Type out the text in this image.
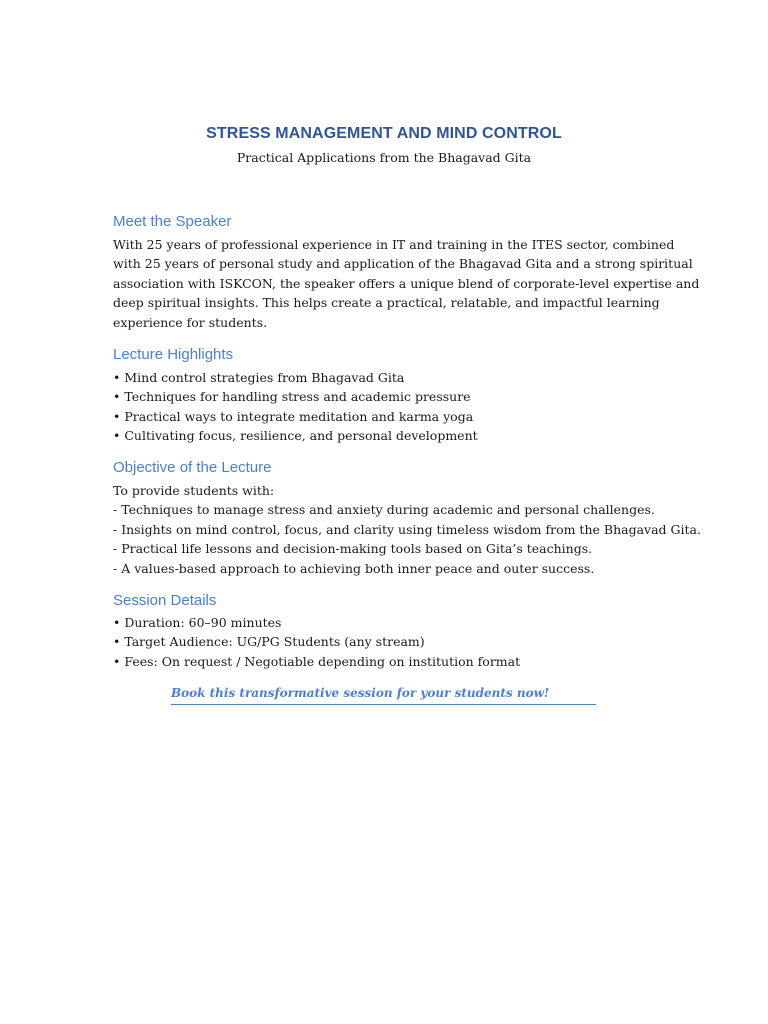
STRESS MANAGEMENT AND MIND CONTROL
Practical Applications from the Bhagavad Gita
Meet the Speaker
With 25 years of professional experience in IT and training in the ITES sector, combined
with 25 years of personal study and application of the Bhagavad Gita and a strong spiritual
association with ISKCON, the speaker offers a unique blend of corporate-level expertise and
deep spiritual insights. This helps create a practical, relatable, and impactful learning
experience for students.
Lecture Highlights
• Mind control strategies from Bhagavad Gita
• Techniques for handling stress and academic pressure
• Practical ways to integrate meditation and karma yoga
• Cultivating focus, resilience, and personal development
Objective of the Lecture
To provide students with:
- Techniques to manage stress and anxiety during academic and personal challenges.
- Insights on mind control, focus, and clarity using timeless wisdom from the Bhagavad Gita.
- Practical life lessons and decision-making tools based on Gita’s teachings.
- A values-based approach to achieving both inner peace and outer success.
Session Details
• Duration: 60–90 minutes
• Target Audience: UG/PG Students (any stream)
• Fees: On request / Negotiable depending on institution format
Book this transformative session for your students now!
